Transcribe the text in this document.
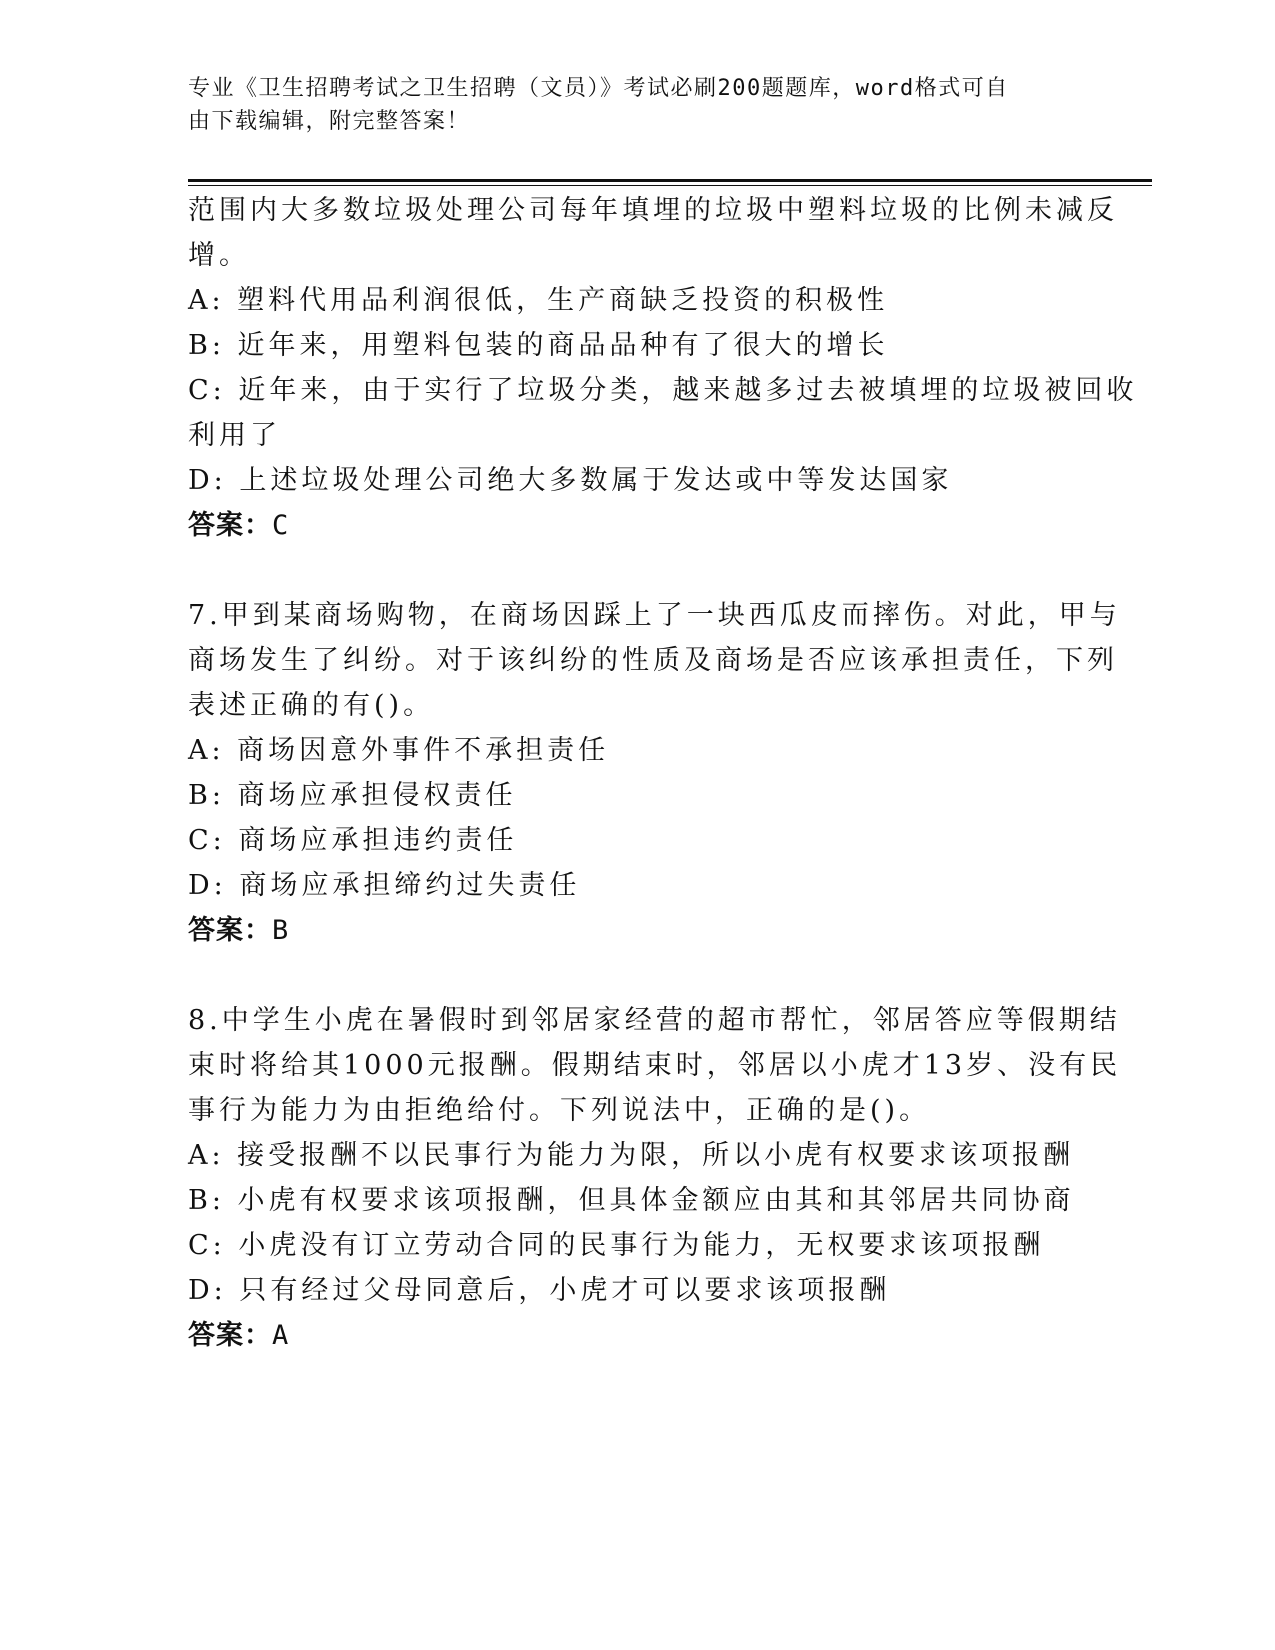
专业《卫生招聘考试之卫生招聘（文员）》考试必刷200题题库，word格式可自
由下载编辑，附完整答案！
范围内大多数垃圾处理公司每年填埋的垃圾中塑料垃圾的比例未减反
增。
A: 塑料代用品利润很低，生产商缺乏投资的积极性
B: 近年来，用塑料包装的商品品种有了很大的增长
C: 近年来，由于实行了垃圾分类，越来越多过去被填埋的垃圾被回收
利用了
D: 上述垃圾处理公司绝大多数属于发达或中等发达国家
答案：C
7.甲到某商场购物，在商场因踩上了一块西瓜皮而摔伤。对此，甲与
商场发生了纠纷。对于该纠纷的性质及商场是否应该承担责任，下列
表述正确的有()。
A: 商场因意外事件不承担责任
B: 商场应承担侵权责任
C: 商场应承担违约责任
D: 商场应承担缔约过失责任
答案：B
8.中学生小虎在暑假时到邻居家经营的超市帮忙，邻居答应等假期结
束时将给其1000元报酬。假期结束时，邻居以小虎才13岁、没有民
事行为能力为由拒绝给付。下列说法中，正确的是()。
A: 接受报酬不以民事行为能力为限，所以小虎有权要求该项报酬
B: 小虎有权要求该项报酬，但具体金额应由其和其邻居共同协商
C: 小虎没有订立劳动合同的民事行为能力，无权要求该项报酬
D: 只有经过父母同意后，小虎才可以要求该项报酬
答案：A
